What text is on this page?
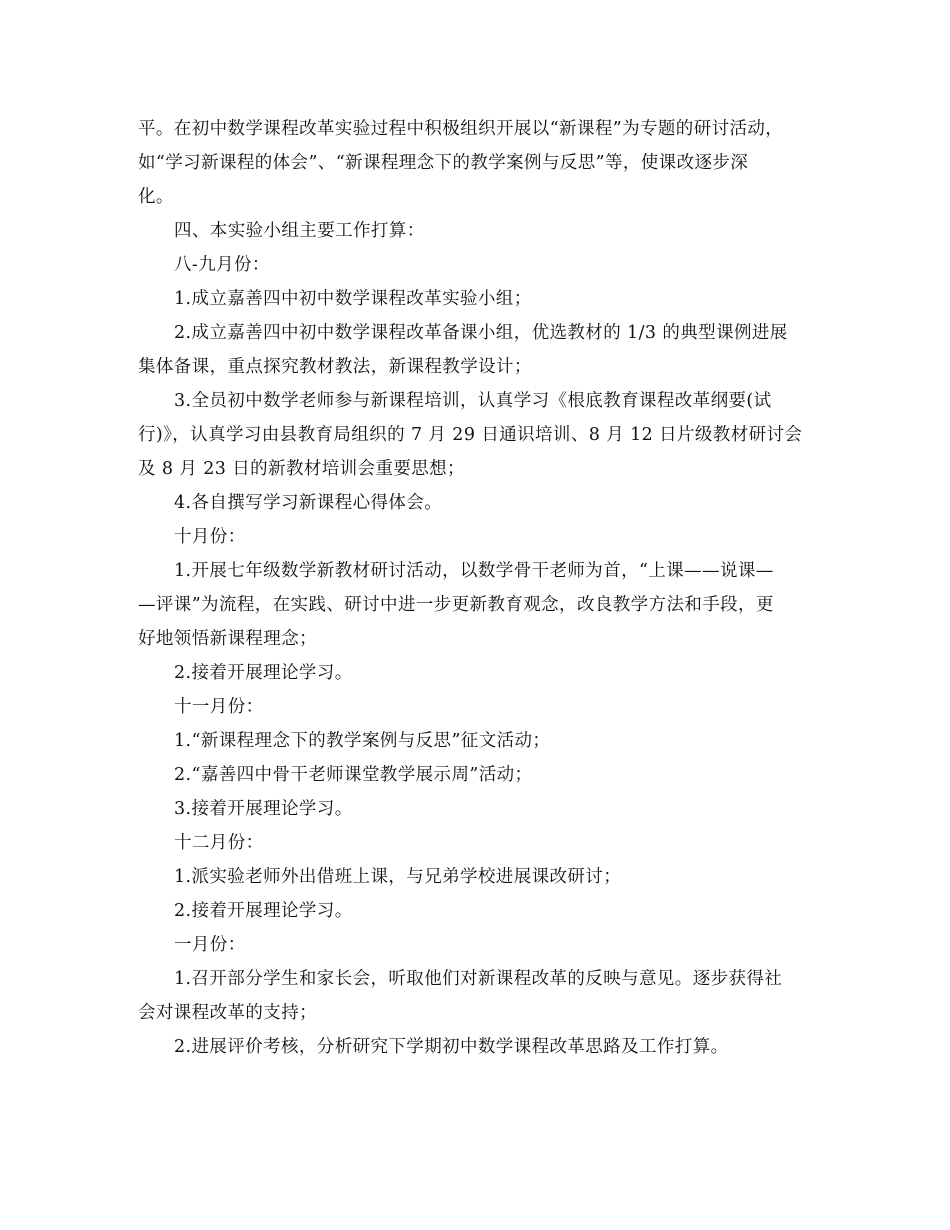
平。在初中数学课程改革实验过程中积极组织开展以“新课程”为专题的研讨活动，
如“学习新课程的体会”、“新课程理念下的教学案例与反思”等，使课改逐步深
化。
四、本实验小组主要工作打算：
八-九月份：
1.成立嘉善四中初中数学课程改革实验小组；
2.成立嘉善四中初中数学课程改革备课小组，优选教材的 1/3 的典型课例进展
集体备课，重点探究教材教法，新课程教学设计；
3.全员初中数学老师参与新课程培训，认真学习《根底教育课程改革纲要(试
行)》，认真学习由县教育局组织的 7 月 29 日通识培训、8 月 12 日片级教材研讨会
及 8 月 23 日的新教材培训会重要思想；
4.各自撰写学习新课程心得体会。
十月份：
1.开展七年级数学新教材研讨活动，以数学骨干老师为首，“上课——说课—
—评课”为流程，在实践、研讨中进一步更新教育观念，改良教学方法和手段，更
好地领悟新课程理念；
2.接着开展理论学习。
十一月份：
1.“新课程理念下的教学案例与反思”征文活动；
2.“嘉善四中骨干老师课堂教学展示周”活动；
3.接着开展理论学习。
十二月份：
1.派实验老师外出借班上课，与兄弟学校进展课改研讨；
2.接着开展理论学习。
一月份：
1.召开部分学生和家长会，听取他们对新课程改革的反映与意见。逐步获得社
会对课程改革的支持；
2.进展评价考核，分析研究下学期初中数学课程改革思路及工作打算。
